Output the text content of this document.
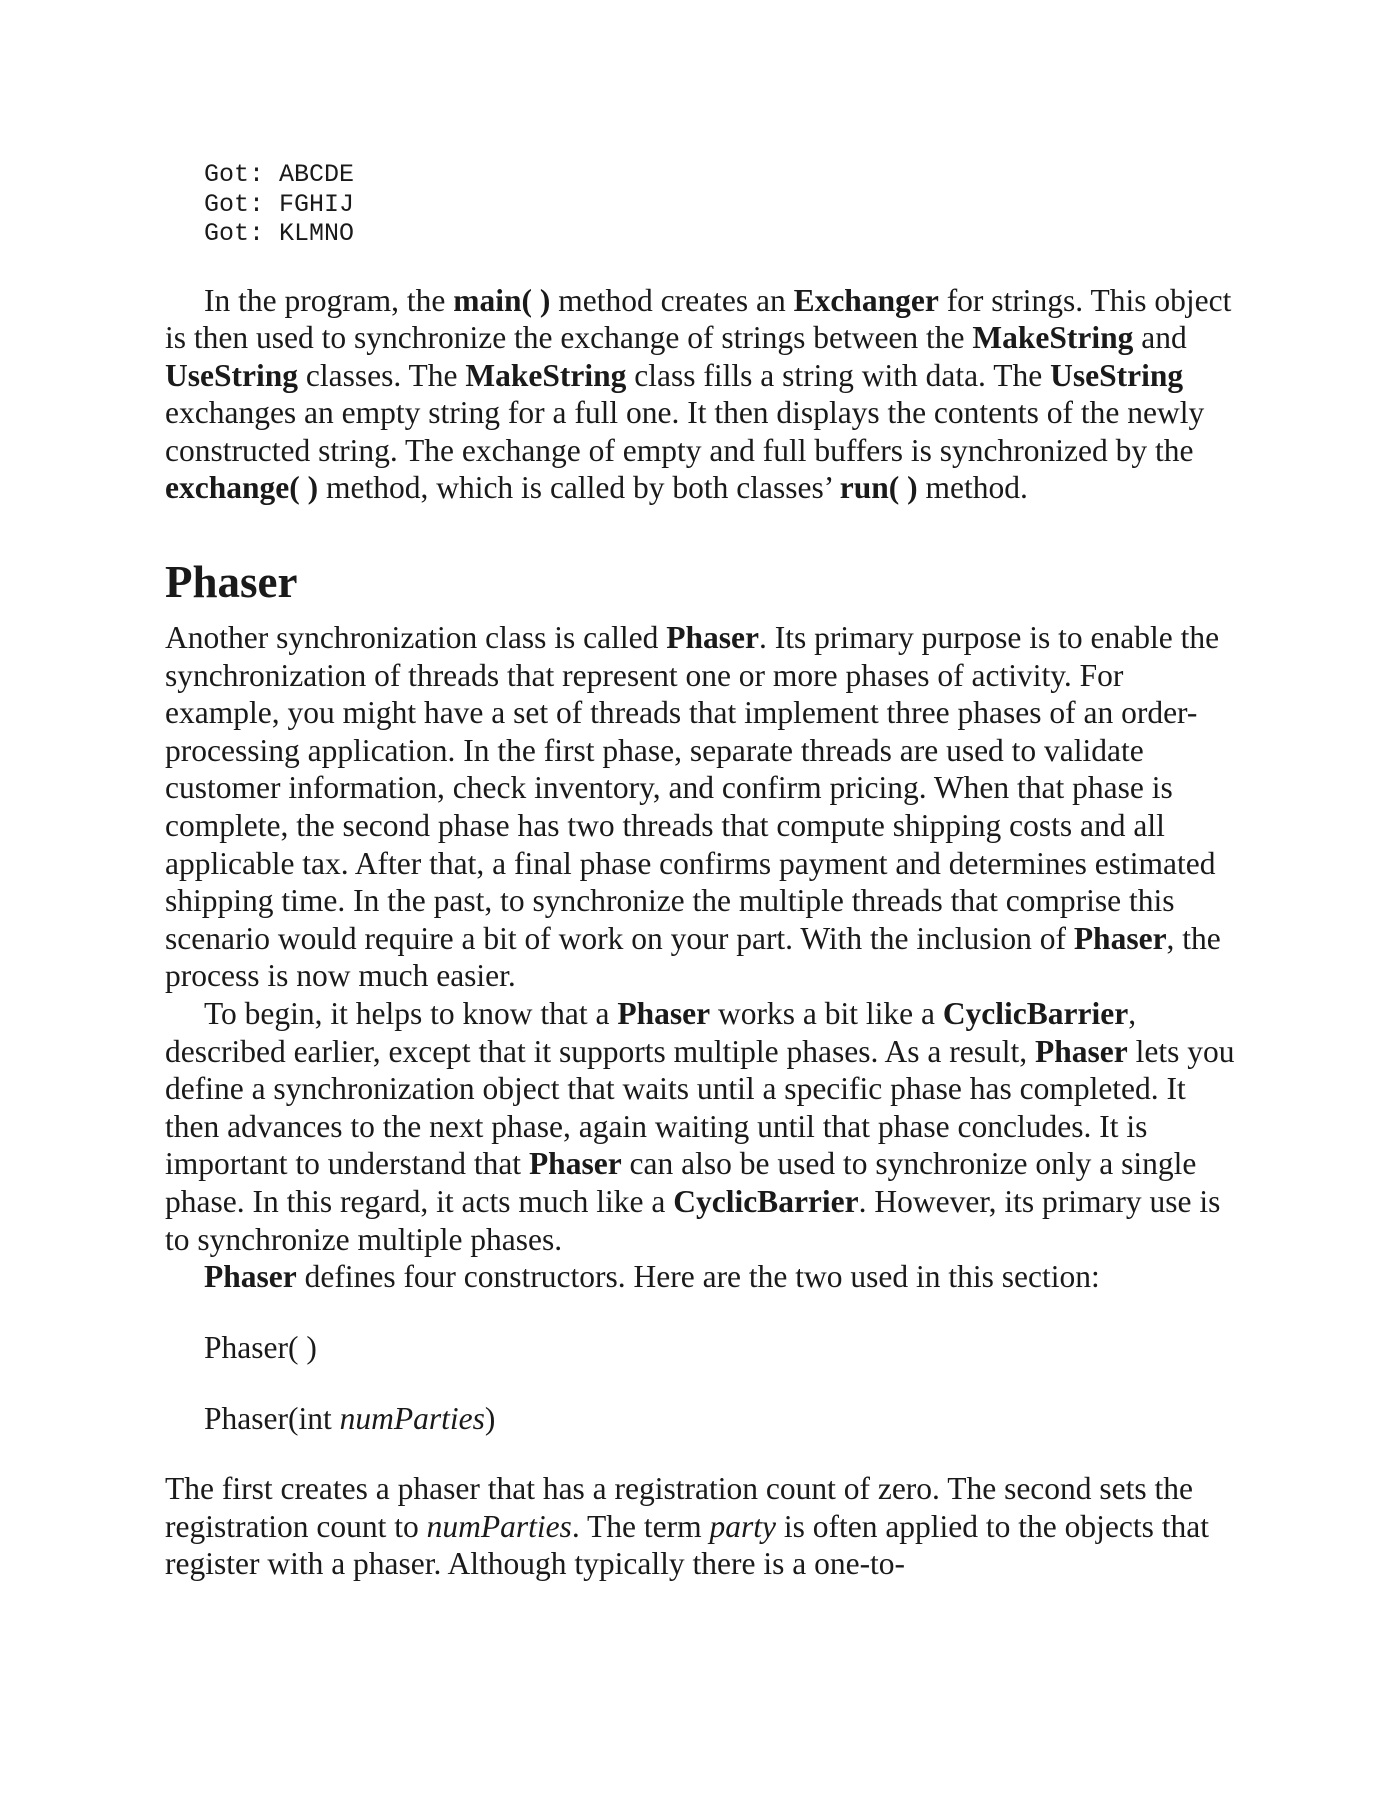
Got: ABCDE
Got: FGHIJ
Got: KLMNO

In the program, the main( ) method creates an Exchanger for strings. This object is then used to synchronize the exchange of strings between the MakeString and UseString classes. The MakeString class fills a string with data. The UseString exchanges an empty string for a full one. It then displays the contents of the newly constructed string. The exchange of empty and full buffers is synchronized by the exchange( ) method, which is called by both classes’ run( ) method.

Phaser

Another synchronization class is called Phaser. Its primary purpose is to enable the synchronization of threads that represent one or more phases of activity. For example, you might have a set of threads that implement three phases of an order-processing application. In the first phase, separate threads are used to validate customer information, check inventory, and confirm pricing. When that phase is complete, the second phase has two threads that compute shipping costs and all applicable tax. After that, a final phase confirms payment and determines estimated shipping time. In the past, to synchronize the multiple threads that comprise this scenario would require a bit of work on your part. With the inclusion of Phaser, the process is now much easier.

To begin, it helps to know that a Phaser works a bit like a CyclicBarrier, described earlier, except that it supports multiple phases. As a result, Phaser lets you define a synchronization object that waits until a specific phase has completed. It then advances to the next phase, again waiting until that phase concludes. It is important to understand that Phaser can also be used to synchronize only a single phase. In this regard, it acts much like a CyclicBarrier. However, its primary use is to synchronize multiple phases.

Phaser defines four constructors. Here are the two used in this section:

Phaser( )

Phaser(int numParties)

The first creates a phaser that has a registration count of zero. The second sets the registration count to numParties. The term party is often applied to the objects that register with a phaser. Although typically there is a one-to-
